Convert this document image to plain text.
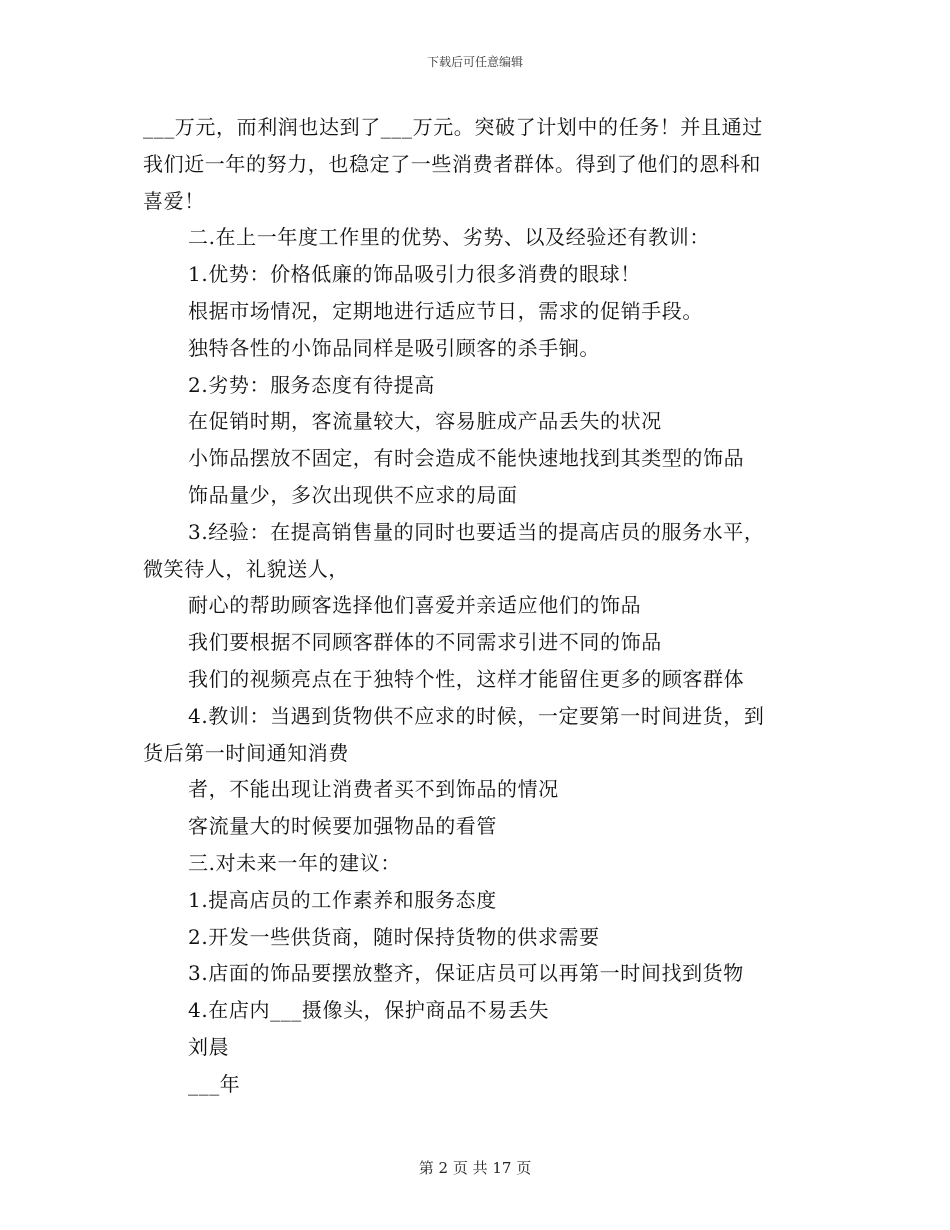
下载后可任意编辑
___万元，而利润也达到了___万元。突破了计划中的任务！并且通过
我们近一年的努力，也稳定了一些消费者群体。得到了他们的恩科和
喜爱！
二.在上一年度工作里的优势、劣势、以及经验还有教训：
1.优势：价格低廉的饰品吸引力很多消费的眼球！
根据市场情况，定期地进行适应节日，需求的促销手段。
独特各性的小饰品同样是吸引顾客的杀手锏。
2.劣势：服务态度有待提高
在促销时期，客流量较大，容易脏成产品丢失的状况
小饰品摆放不固定，有时会造成不能快速地找到其类型的饰品
饰品量少，多次出现供不应求的局面
3.经验：在提高销售量的同时也要适当的提高店员的服务水平，
微笑待人，礼貌送人，
耐心的帮助顾客选择他们喜爱并亲适应他们的饰品
我们要根据不同顾客群体的不同需求引进不同的饰品
我们的视频亮点在于独特个性，这样才能留住更多的顾客群体
4.教训：当遇到货物供不应求的时候，一定要第一时间进货，到
货后第一时间通知消费
者，不能出现让消费者买不到饰品的情况
客流量大的时候要加强物品的看管
三.对未来一年的建议：
1.提高店员的工作素养和服务态度
2.开发一些供货商，随时保持货物的供求需要
3.店面的饰品要摆放整齐，保证店员可以再第一时间找到货物
4.在店内___摄像头，保护商品不易丢失
刘晨
___年
第 2 页 共 17 页
